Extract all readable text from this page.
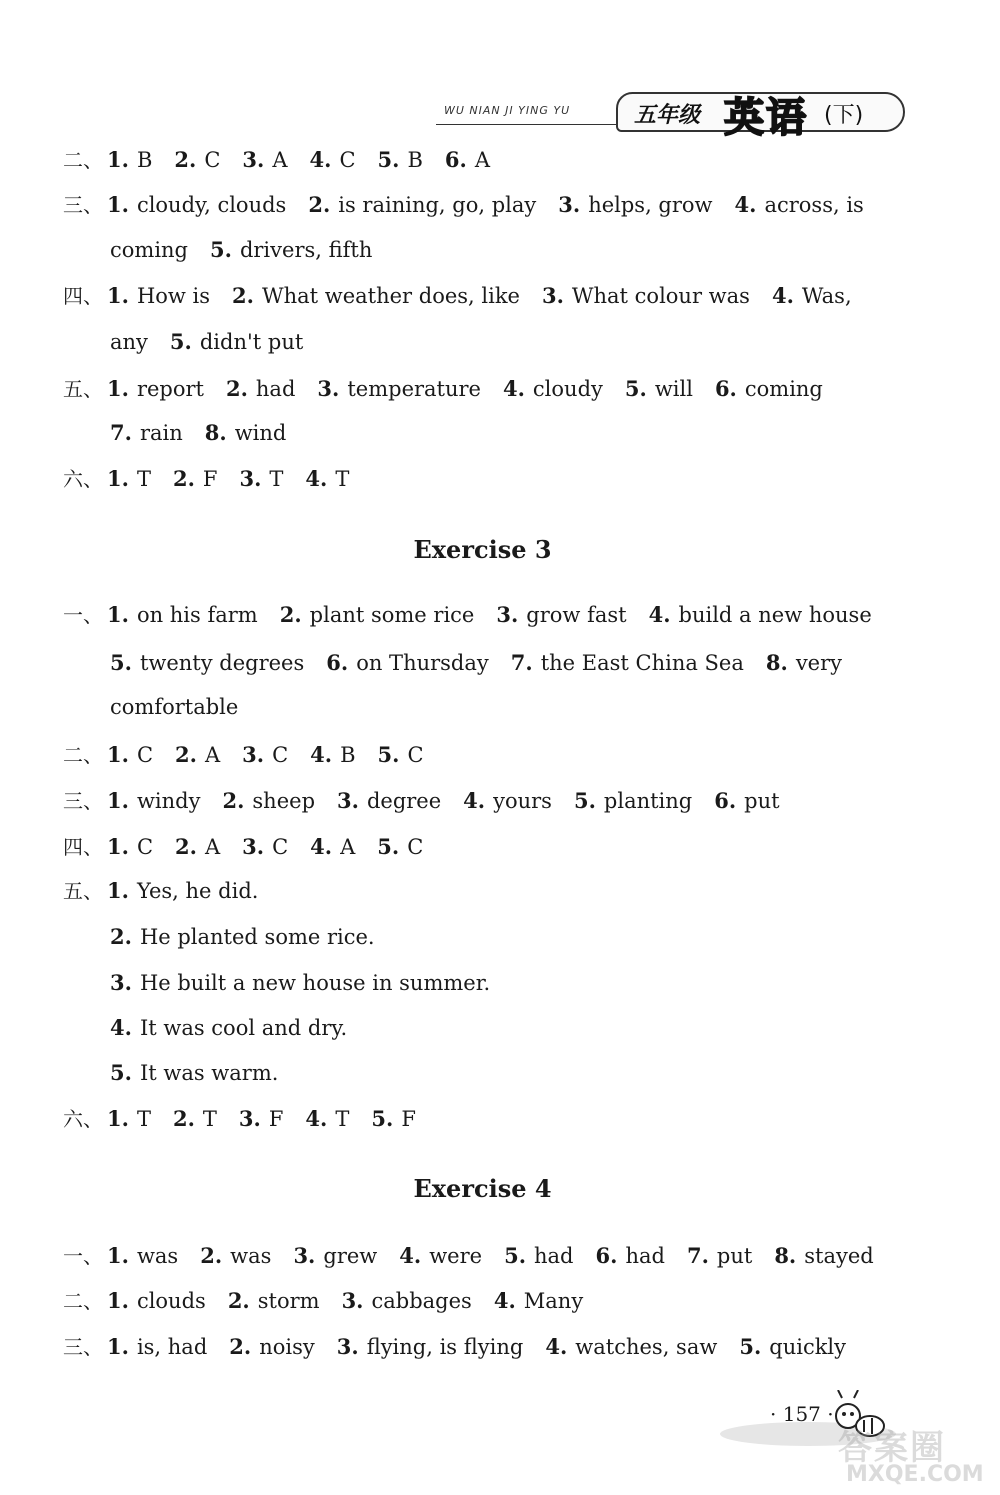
WU NIAN JI YING YU	五年级 英语 (下)
二、 1. B 2. C 3. A 4. C 5. B 6. A
三、 1. cloudy, clouds 2. is raining, go, play 3. helps, grow 4. across, is
coming 5. drivers, fifth
四、 1. How is 2. What weather does, like 3. What colour was 4. Was,
any 5. didn't put
五、 1. report 2. had 3. temperature 4. cloudy 5. will 6. coming
7. rain 8. wind
六、 1. T 2. F 3. T 4. T
Exercise 3
一、 1. on his farm 2. plant some rice 3. grow fast 4. build a new house
5. twenty degrees 6. on Thursday 7. the East China Sea 8. very
comfortable
二、 1. C 2. A 3. C 4. B 5. C
三、 1. windy 2. sheep 3. degree 4. yours 5. planting 6. put
四、 1. C 2. A 3. C 4. A 5. C
五、 1. Yes, he did.
2. He planted some rice.
3. He built a new house in summer.
4. It was cool and dry.
5. It was warm.
六、 1. T 2. T 3. F 4. T 5. F
Exercise 4
一、 1. was 2. was 3. grew 4. were 5. had 6. had 7. put 8. stayed
二、 1. clouds 2. storm 3. cabbages 4. Many
三、 1. is, had 2. noisy 3. flying, is flying 4. watches, saw 5. quickly
· 157 ·
答案圈
MXQE.COM
